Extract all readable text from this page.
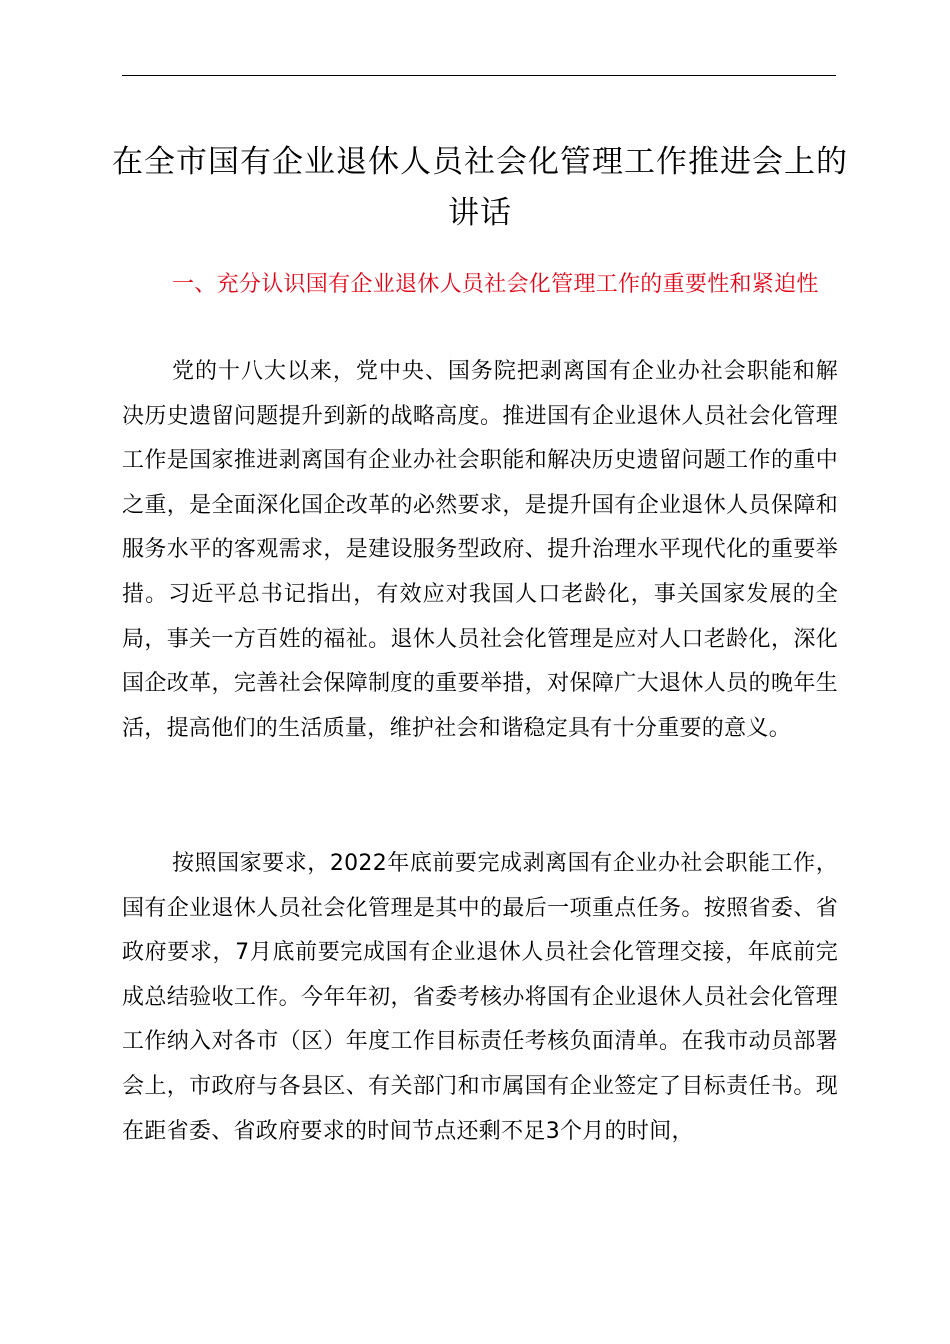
在全市国有企业退休人员社会化管理工作推进会上的讲话
一、充分认识国有企业退休人员社会化管理工作的重要性和紧迫性

党的十八大以来，党中央、国务院把剥离国有企业办社会职能和解决历史遗留问题提升到新的战略高度。推进国有企业退休人员社会化管理工作是国家推进剥离国有企业办社会职能和解决历史遗留问题工作的重中之重，是全面深化国企改革的必然要求，是提升国有企业退休人员保障和服务水平的客观需求，是建设服务型政府、提升治理水平现代化的重要举措。习近平总书记指出，有效应对我国人口老龄化，事关国家发展的全局，事关一方百姓的福祉。退休人员社会化管理是应对人口老龄化，深化国企改革，完善社会保障制度的重要举措，对保障广大退休人员的晚年生活，提高他们的生活质量，维护社会和谐稳定具有十分重要的意义。

按照国家要求，2022年底前要完成剥离国有企业办社会职能工作，国有企业退休人员社会化管理是其中的最后一项重点任务。按照省委、省政府要求，7月底前要完成国有企业退休人员社会化管理交接，年底前完成总结验收工作。今年年初，省委考核办将国有企业退休人员社会化管理工作纳入对各市（区）年度工作目标责任考核负面清单。在我市动员部署会上，市政府与各县区、有关部门和市属国有企业签定了目标责任书。现在距省委、省政府要求的时间节点还剩不足3个月的时间，
